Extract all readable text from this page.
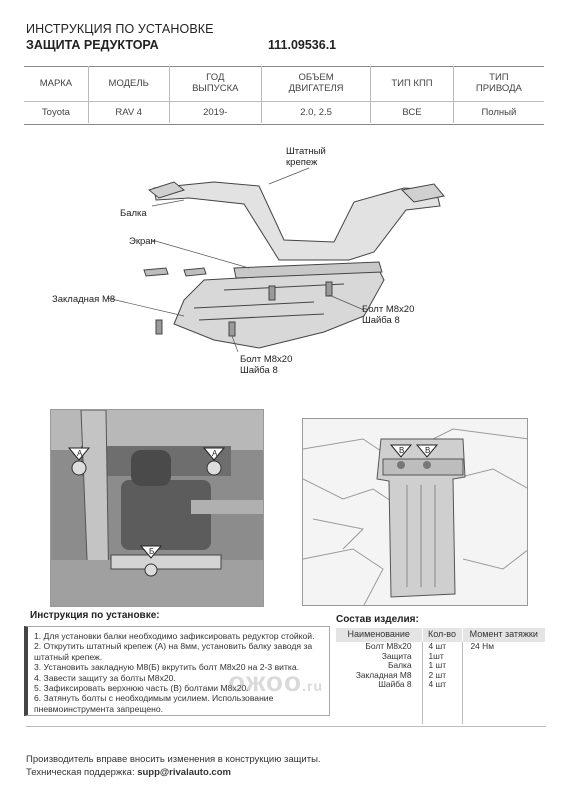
ИНСТРУКЦИЯ ПО УСТАНОВКЕ
ЗАЩИТА РЕДУКТОРА	111.09536.1
МАРКА	МОДЕЛЬ	ГОД
ВЫПУСКА	ОБЪЕМ
ДВИГАТЕЛЯ	ТИП КПП	ТИП
ПРИВОДА
Toyota	RAV 4	2019-	2.0, 2.5	ВСЕ	Полный
Штатный
крепеж
Балка
Экран
Закладная М8
Болт М8х20
Шайба 8
Болт М8х20
Шайба 8
А	А
Б
В	В
Инструкция по установке:	Состав изделия:
1. Для установки балки необходимо зафиксировать редуктор стойкой.
2. Открутить штатный крепеж (А) на 8мм, установить балку заводя за
штатный крепеж.
3. Установить закладную М8(Б) вкрутить болт М8х20 на 2-3 витка.
4. Завести защиту за болты М8х20.
5. Зафиксировать верхнюю часть (В) болтами М8х20.
6. Затянуть болты с необходимым усилием. Использование
пневмоинструмента запрещено.
Наименование	Кол-во	Момент затяжки
Болт М8х20	4 шт	24 Нм
Защита	1шт	
Балка	1 шт	
Закладная М8	2 шт	
Шайба 8	4 шт	

ожоо.ru
Производитель вправе вносить изменения в конструкцию защиты.
Техническая поддержка: supp@rivalauto.com
